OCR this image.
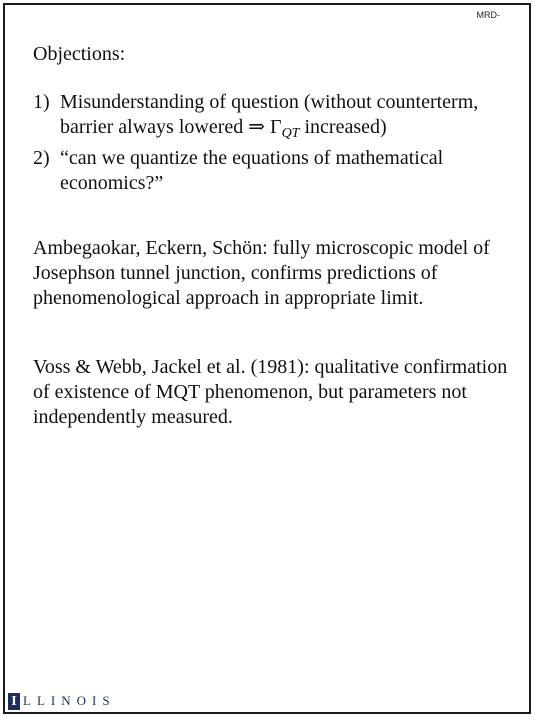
MRD-

Objections:

1) Misunderstanding of question (without counterterm, barrier always lowered ⇒ $\Gamma_{QT}$ increased)
2) “can we quantize the equations of mathematical economics?”

Ambegaokar, Eckern, Schön: fully microscopic model of Josephson tunnel junction, confirms predictions of phenomenological approach in appropriate limit.

Voss & Webb, Jackel et al. (1981): qualitative confirmation of existence of MQT phenomenon, but parameters not independently measured.

I LLINOIS
